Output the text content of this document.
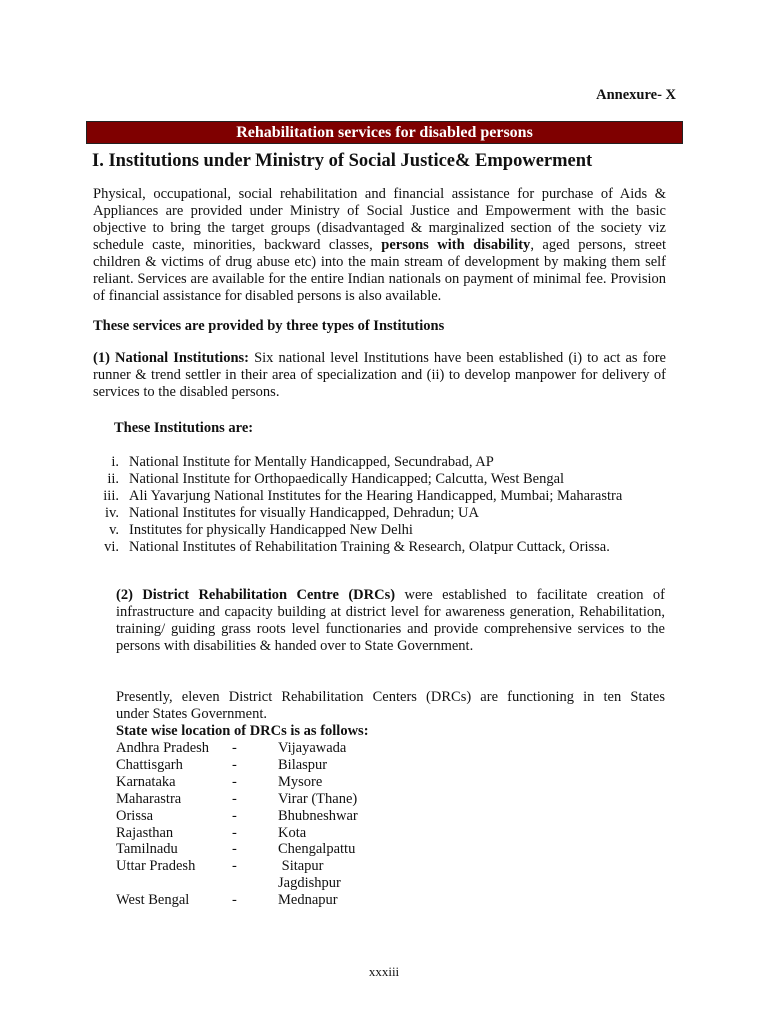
Annexure- X
Rehabilitation services for disabled persons
I. Institutions under Ministry of Social Justice& Empowerment
Physical, occupational, social rehabilitation and financial assistance for purchase of Aids & Appliances are provided under Ministry of Social Justice and Empowerment with the basic objective to bring the target groups (disadvantaged & marginalized section of the society viz schedule caste, minorities, backward classes, persons with disability, aged persons, street children & victims of drug abuse etc) into the main stream of development by making them self reliant. Services are available for the entire Indian nationals on payment of minimal fee. Provision of financial assistance for disabled persons is also available.
These services are provided by three types of Institutions
(1) National Institutions: Six national level Institutions have been established (i) to act as fore runner & trend settler in their area of specialization and (ii) to develop manpower for delivery of services to the disabled persons.
These Institutions are:
i. National Institute for Mentally Handicapped, Secundrabad, AP
ii. National Institute for Orthopaedically Handicapped; Calcutta, West Bengal
iii. Ali Yavarjung National Institutes for the Hearing Handicapped, Mumbai; Maharastra
iv. National Institutes for visually Handicapped, Dehradun; UA
v. Institutes for physically Handicapped New Delhi
vi. National Institutes of Rehabilitation Training & Research, Olatpur Cuttack, Orissa.
(2) District Rehabilitation Centre (DRCs) were established to facilitate creation of infrastructure and capacity building at district level for awareness generation, Rehabilitation, training/ guiding grass roots level functionaries and provide comprehensive services to the persons with disabilities & handed over to State Government.
Presently, eleven District Rehabilitation Centers (DRCs) are functioning in ten States
under States Government.
State wise location of DRCs is as follows:
Andhra Pradesh	-	Vijayawada
Chattisgarh	-	Bilaspur
Karnataka	-	Mysore
Maharastra	-	Virar (Thane)
Orissa	-	Bhubneshwar
Rajasthan	-	Kota
Tamilnadu	-	Chengalpattu
Uttar Pradesh	-	Sitapur
Jagdishpur
West Bengal	-	Mednapur
xxxiii
